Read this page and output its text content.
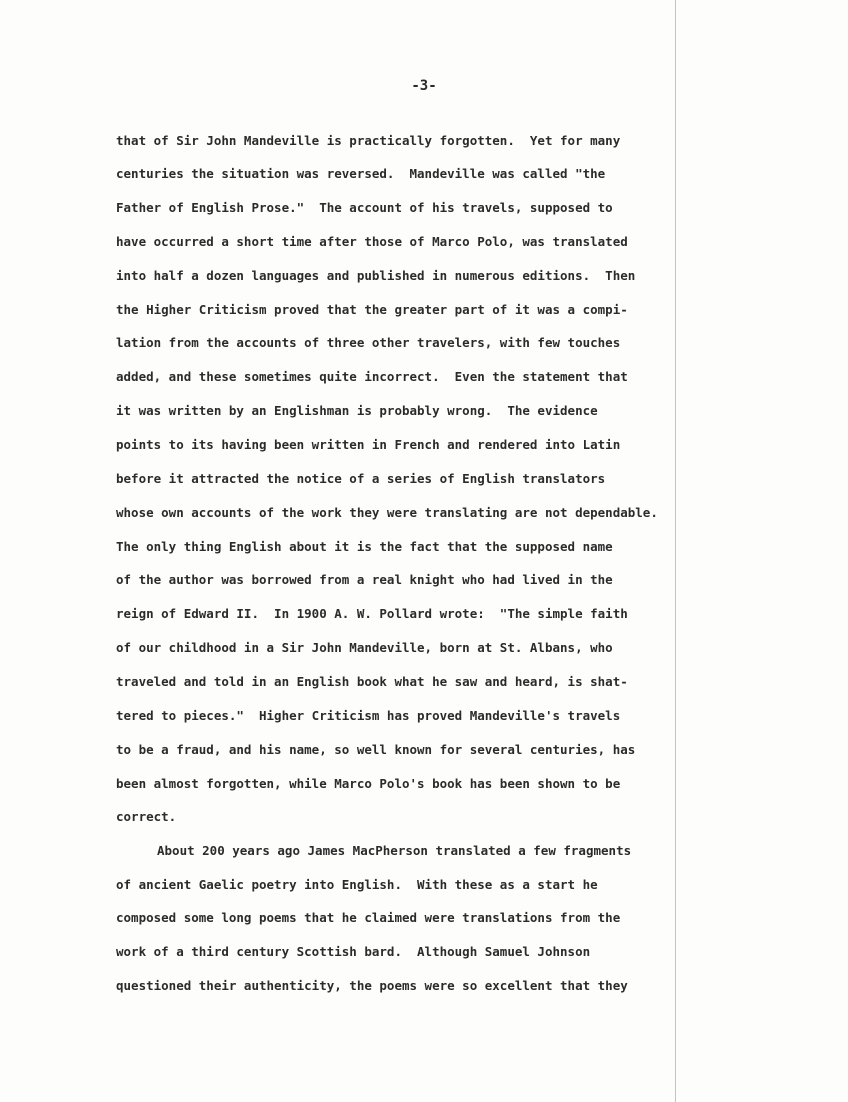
-3-
that of Sir John Mandeville is practically forgotten.  Yet for many
centuries the situation was reversed.  Mandeville was called "the
Father of English Prose."  The account of his travels, supposed to
have occurred a short time after those of Marco Polo, was translated
into half a dozen languages and published in numerous editions.  Then
the Higher Criticism proved that the greater part of it was a compi-
lation from the accounts of three other travelers, with few touches
added, and these sometimes quite incorrect.  Even the statement that
it was written by an Englishman is probably wrong.  The evidence
points to its having been written in French and rendered into Latin
before it attracted the notice of a series of English translators
whose own accounts of the work they were translating are not dependable.
The only thing English about it is the fact that the supposed name
of the author was borrowed from a real knight who had lived in the
reign of Edward II.  In 1900 A. W. Pollard wrote:  "The simple faith
of our childhood in a Sir John Mandeville, born at St. Albans, who
traveled and told in an English book what he saw and heard, is shat-
tered to pieces."  Higher Criticism has proved Mandeville's travels
to be a fraud, and his name, so well known for several centuries, has
been almost forgotten, while Marco Polo's book has been shown to be
correct.
About 200 years ago James MacPherson translated a few fragments
of ancient Gaelic poetry into English.  With these as a start he
composed some long poems that he claimed were translations from the
work of a third century Scottish bard.  Although Samuel Johnson
questioned their authenticity, the poems were so excellent that they
